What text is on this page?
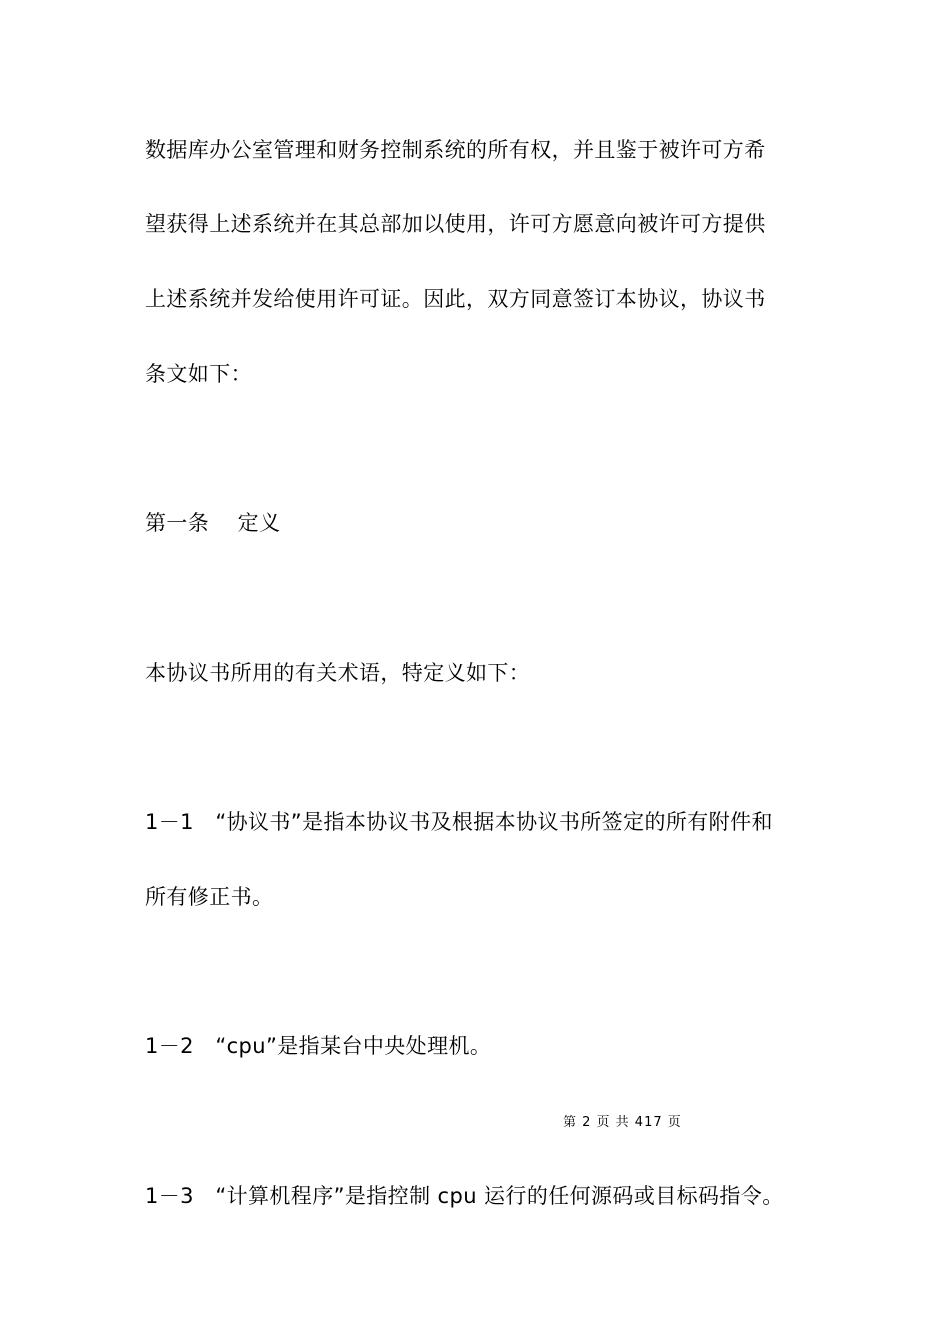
数据库办公室管理和财务控制系统的所有权，并且鉴于被许可方希
望获得上述系统并在其总部加以使用，许可方愿意向被许可方提供
上述系统并发给使用许可证。因此，双方同意签订本协议，协议书
条文如下：
第一条　 定义
本协议书所用的有关术语，特定义如下：
1－1　“协议书”是指本协议书及根据本协议书所签定的所有附件和
所有修正书。
1－2　“cpu”是指某台中央处理机。
第 2 页 共 417 页
1－3　“计算机程序”是指控制 cpu 运行的任何源码或目标码指令。
